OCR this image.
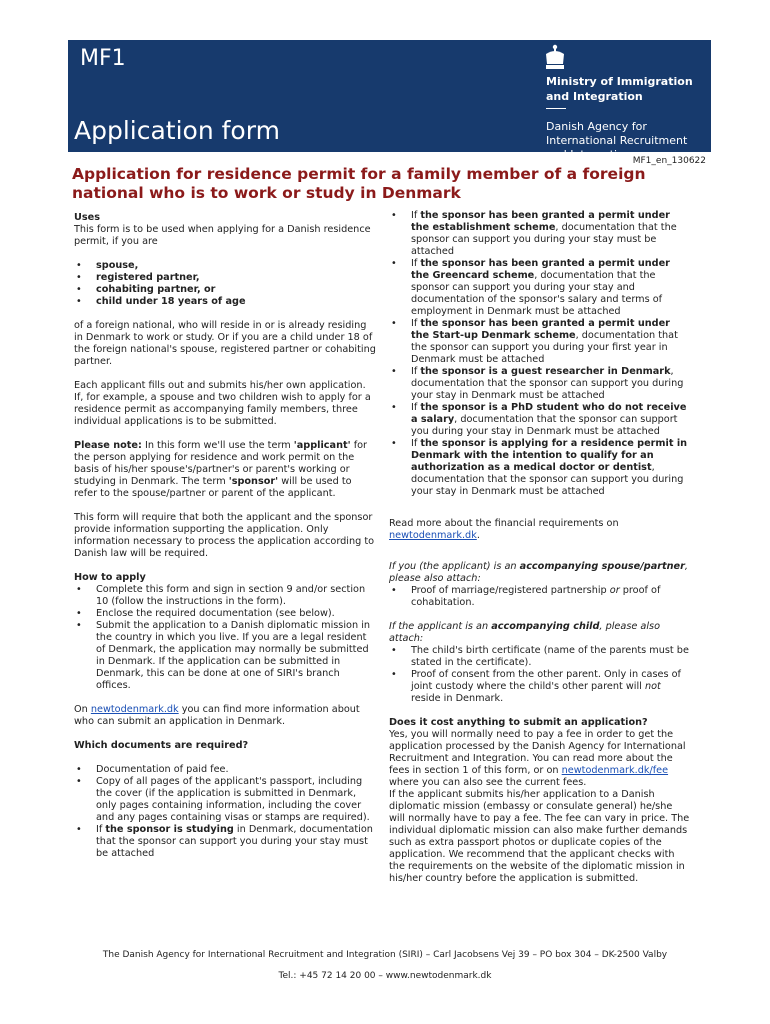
MF1
Application form
Ministry of Immigration and Integration
Danish Agency for International Recruitment and Integration MF1_en_130622
Application for residence permit for a family member of a foreign national who is to work or study in Denmark

Uses

This form is to be used when applying for a Danish residence permit, if you are

• spouse,
• registered partner,
• cohabiting partner, or
• child under 18 years of age

of a foreign national, who will reside in or is already residing in Denmark to work or study. Or if you are a child under 18 of the foreign national's spouse, registered partner or cohabiting partner.

Each applicant fills out and submits his/her own application. If, for example, a spouse and two children wish to apply for a residence permit as accompanying family members, three individual applications is to be submitted.

Please note: In this form we'll use the term 'applicant' for the person applying for residence and work permit on the basis of his/her spouse's/partner's or parent's working or studying in Denmark. The term 'sponsor' will be used to refer to the spouse/partner or parent of the applicant.

This form will require that both the applicant and the sponsor provide information supporting the application. Only information necessary to process the application according to Danish law will be required.

How to apply

• Complete this form and sign in section 9 and/or section 10 (follow the instructions in the form).
• Enclose the required documentation (see below).
• Submit the application to a Danish diplomatic mission in the country in which you live. If you are a legal resident of Denmark, the application may normally be submitted in Denmark. If the application can be submitted in Denmark, this can be done at one of SIRI's branch offices.

On newtodenmark.dk you can find more information about who can submit an application in Denmark.

Which documents are required?

• Documentation of paid fee.
• Copy of all pages of the applicant's passport, including the cover (if the application is submitted in Denmark, only pages containing information, including the cover and any pages containing visas or stamps are required).
• If the sponsor is studying in Denmark, documentation that the sponsor can support you during your stay must be attached
• If the sponsor has been granted a permit under the establishment scheme, documentation that the sponsor can support you during your stay must be attached
• If the sponsor has been granted a permit under the Greencard scheme, documentation that the sponsor can support you during your stay and documentation of the sponsor's salary and terms of employment in Denmark must be attached
• If the sponsor has been granted a permit under the Start-up Denmark scheme, documentation that the sponsor can support you during your first year in Denmark must be attached
• If the sponsor is a guest researcher in Denmark, documentation that the sponsor can support you during your stay in Denmark must be attached
• If the sponsor is a PhD student who do not receive a salary, documentation that the sponsor can support you during your stay in Denmark must be attached
• If the sponsor is applying for a residence permit in Denmark with the intention to qualify for an authorization as a medical doctor or dentist, documentation that the sponsor can support you during your stay in Denmark must be attached

Read more about the financial requirements on newtodenmark.dk.

If you (the applicant) is an accompanying spouse/partner, please also attach:

• Proof of marriage/registered partnership or proof of cohabitation.

If the applicant is an accompanying child, please also attach:

• The child's birth certificate (name of the parents must be stated in the certificate).
• Proof of consent from the other parent. Only in cases of joint custody where the child's other parent will not reside in Denmark.

Does it cost anything to submit an application?

Yes, you will normally need to pay a fee in order to get the application processed by the Danish Agency for International Recruitment and Integration. You can read more about the fees in section 1 of this form, or on newtodenmark.dk/fee where you can also see the current fees.

If the applicant submits his/her application to a Danish diplomatic mission (embassy or consulate general) he/she will normally have to pay a fee. The fee can vary in price. The individual diplomatic mission can also make further demands such as extra passport photos or duplicate copies of the application. We recommend that the applicant checks with the requirements on the website of the diplomatic mission in his/her country before the application is submitted.

The Danish Agency for International Recruitment and Integration (SIRI) – Carl Jacobsens Vej 39 – PO box 304 – DK-2500 Valby
Tel.: +45 72 14 20 00 – www.newtodenmark.dk
